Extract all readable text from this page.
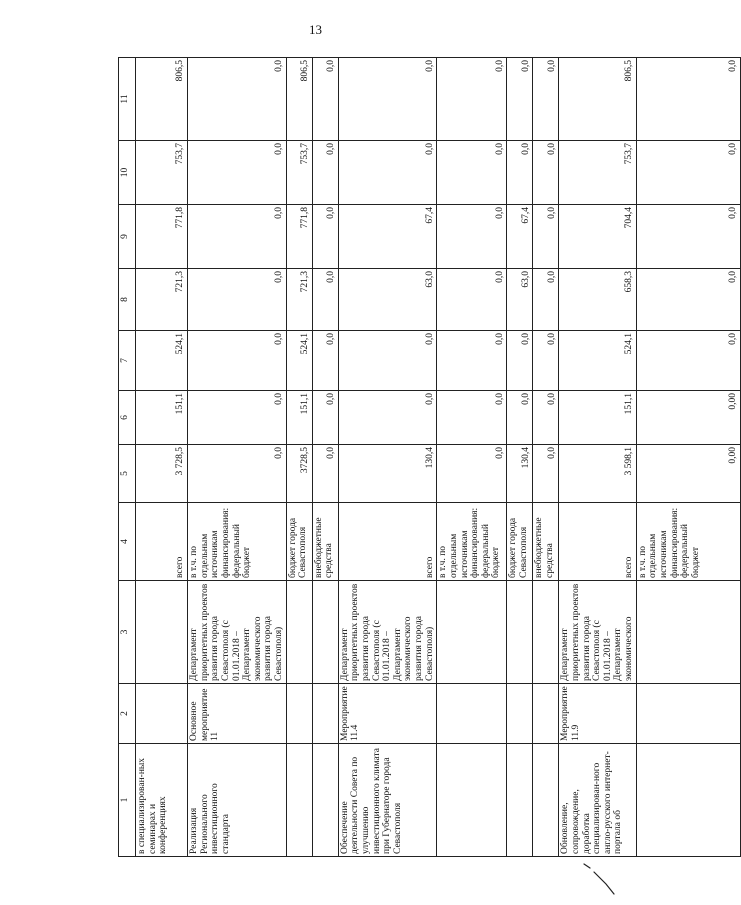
13
1	2	3	4	5	6	7	8	9	10	11
в специализирован-ных семинарах и конференциях			всего	3 728,5	151,1	524,1	721,3	771,8	753,7	806,5
Реализация Регионального инвестиционного стандарта	Основное мероприятие 11	Департамент приоритетных проектов развития города Севастополя (с 01.01.2018 – Департамент экономического развития города Севастополя)	в т.ч. по отдельным источникам финансирования: федеральный бюджет	0,0	0,0	0,0	0,0	0,0	0,0	0,0
			бюджет города Севастополя	3728,5	151,1	524,1	721,3	771,8	753,7	806,5
			внебюджетные средства	0,0	0,0	0,0	0,0	0,0	0,0	0,0
Обеспечение деятельности Совета по улучшению инвестиционного климата при Губернаторе города Севастополя	Мероприятие 11.4	Департамент приоритетных проектов развития города Севастополя (с 01.01.2018 – Департамент экономического развития города Севастополя)	всего	130,4	0,0	0,0	63,0	67,4	0,0	0,0
			в т.ч. по отдельным источникам финансирования: федеральный бюджет	0,0	0,0	0,0	0,0	0,0	0,0	0,0
			бюджет города Севастополя	130,4	0,0	0,0	63,0	67,4	0,0	0,0
			внебюджетные средства	0,0	0,0	0,0	0,0	0,0	0,0	0,0
Обновление, сопровождение, доработка специализирован-ного англо-русского интернет-портала об	Мероприятие 11.9	Департамент приоритетных проектов развития города Севастополя (с 01.01.2018 – Департамент экономического	всего	3 598,1	151,1	524,1	658,3	704,4	753,7	806,5
			в т.ч. по отдельным источникам финансирования: федеральный бюджет	0,00	0,00	0,0	0,0	0,0	0,0	0,0
